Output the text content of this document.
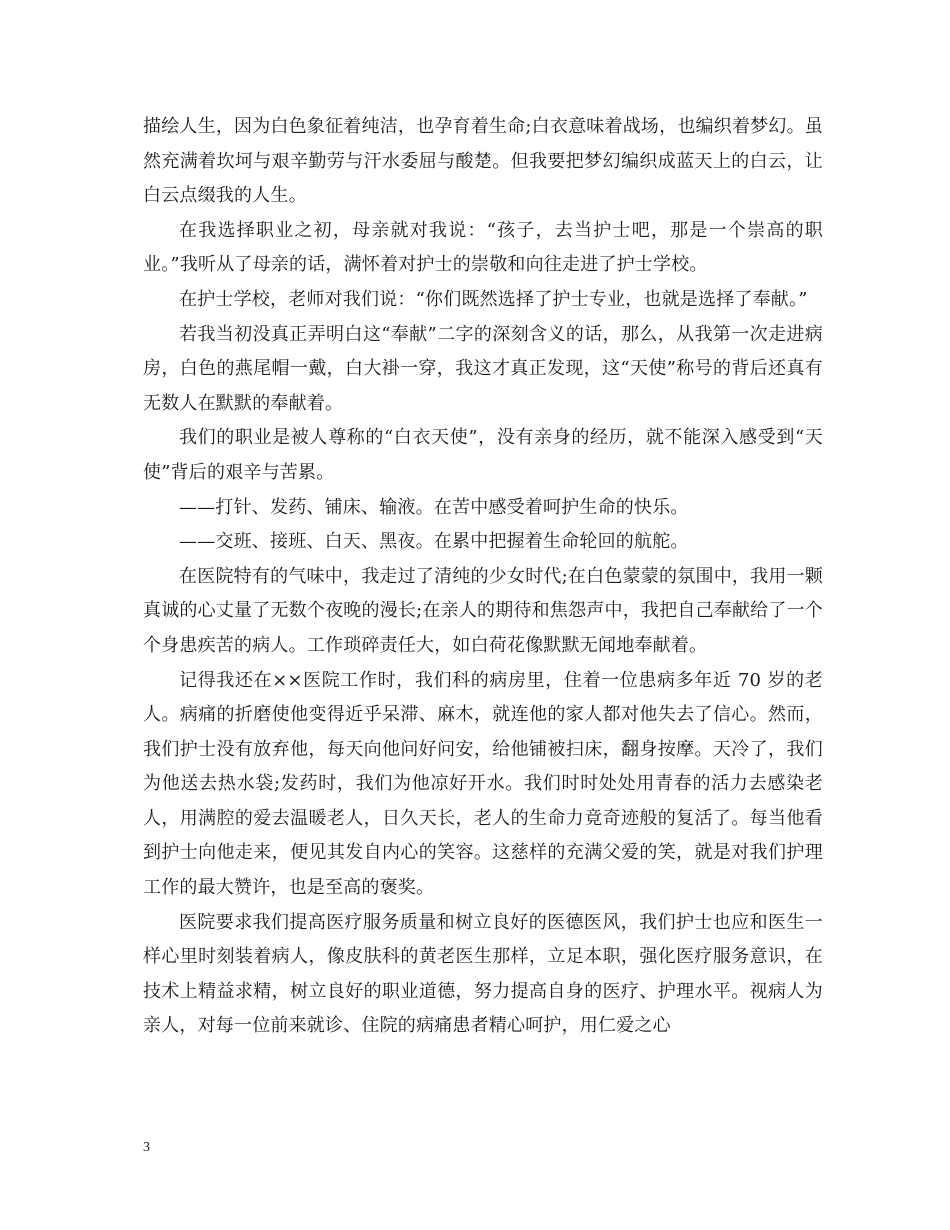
描绘人生，因为白色象征着纯洁，也孕育着生命;白衣意味着战场，也编织着梦幻。虽然充满着坎坷与艰辛勤劳与汗水委屈与酸楚。但我要把梦幻编织成蓝天上的白云，让白云点缀我的人生。

在我选择职业之初，母亲就对我说：“孩子，去当护士吧，那是一个崇高的职业。”我听从了母亲的话，满怀着对护士的崇敬和向往走进了护士学校。

在护士学校，老师对我们说：“你们既然选择了护士专业，也就是选择了奉献。”

若我当初没真正弄明白这“奉献”二字的深刻含义的话，那么，从我第一次走进病房，白色的燕尾帽一戴，白大褂一穿，我这才真正发现，这“天使”称号的背后还真有无数人在默默的奉献着。

我们的职业是被人尊称的“白衣天使”，没有亲身的经历，就不能深入感受到“天使”背后的艰辛与苦累。

——打针、发药、铺床、输液。在苦中感受着呵护生命的快乐。

——交班、接班、白天、黑夜。在累中把握着生命轮回的航舵。

在医院特有的气味中，我走过了清纯的少女时代;在白色蒙蒙的氛围中，我用一颗真诚的心丈量了无数个夜晚的漫长;在亲人的期待和焦怨声中，我把自己奉献给了一个个身患疾苦的病人。工作琐碎责任大，如白荷花像默默无闻地奉献着。

记得我还在××医院工作时，我们科的病房里，住着一位患病多年近 70 岁的老人。病痛的折磨使他变得近乎呆滞、麻木，就连他的家人都对他失去了信心。然而，我们护士没有放弃他，每天向他问好问安，给他铺被扫床，翻身按摩。天冷了，我们为他送去热水袋;发药时，我们为他凉好开水。我们时时处处用青春的活力去感染老人，用满腔的爱去温暖老人，日久天长，老人的生命力竟奇迹般的复活了。每当他看到护士向他走来，便见其发自内心的笑容。这慈样的充满父爱的笑，就是对我们护理工作的最大赞许，也是至高的褒奖。

医院要求我们提高医疗服务质量和树立良好的医德医风，我们护士也应和医生一样心里时刻装着病人，像皮肤科的黄老医生那样，立足本职，强化医疗服务意识，在技术上精益求精，树立良好的职业道德，努力提高自身的医疗、护理水平。视病人为亲人，对每一位前来就诊、住院的病痛患者精心呵护，用仁爱之心

3
